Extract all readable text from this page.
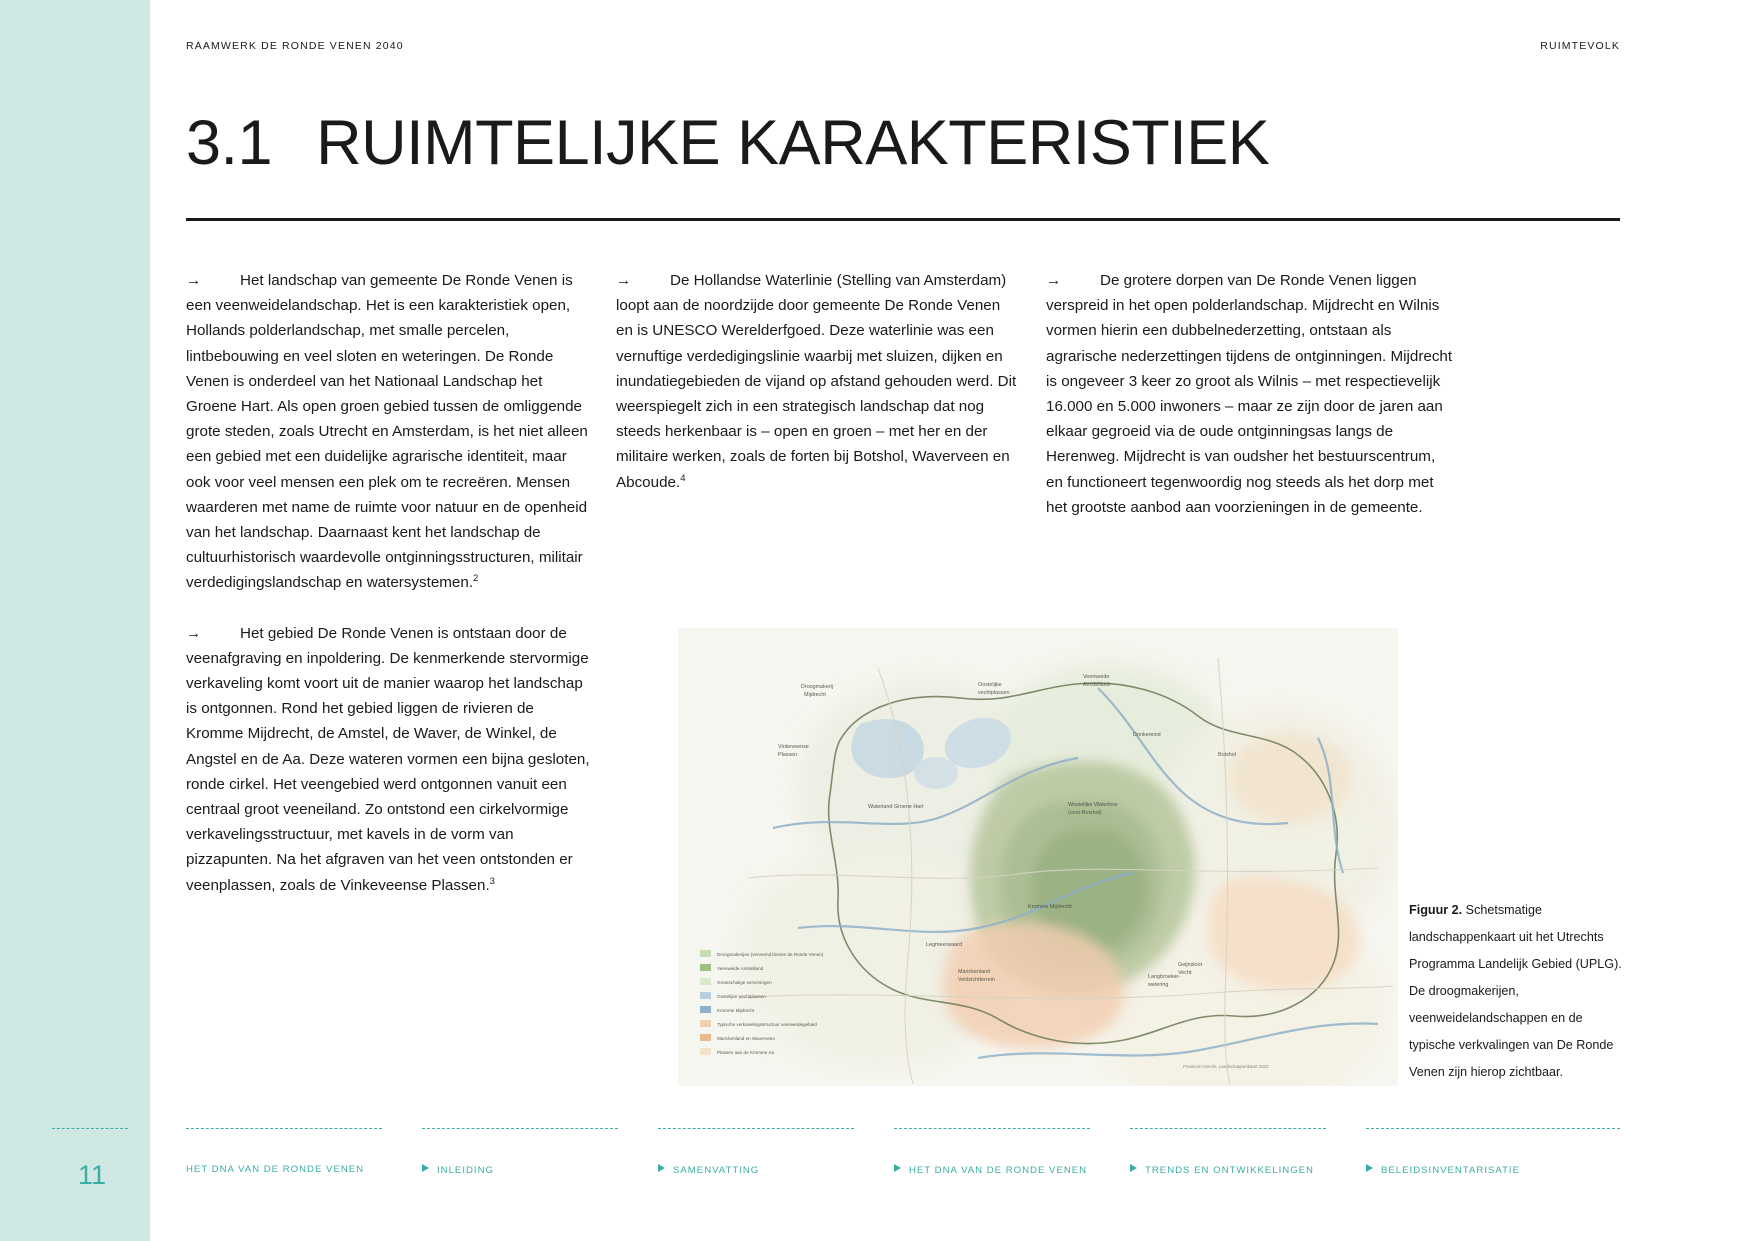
RAAMWERK DE RONDE VENEN 2040	RUIMTEVOLK
3.1 RUIMTELIJKE KARAKTERISTIEK
→	Het landschap van gemeente De Ronde Venen is een veenweidelandschap. Het is een karakteristiek open, Hollands polderlandschap, met smalle percelen, lintbebouwing en veel sloten en weteringen. De Ronde Venen is onderdeel van het Nationaal Landschap het Groene Hart. Als open groen gebied tussen de omliggende grote steden, zoals Utrecht en Amsterdam, is het niet alleen een gebied met een duidelijke agrarische identiteit, maar ook voor veel mensen een plek om te recreëren. Mensen waarderen met name de ruimte voor natuur en de openheid van het landschap. Daarnaast kent het landschap de cultuurhistorisch waardevolle ontginningsstructuren, militair verdedigingslandschap en watersystemen.$^2$
→	Het gebied De Ronde Venen is ontstaan door de veenafgraving en inpoldering. De kenmerkende stervormige verkaveling komt voort uit de manier waarop het landschap is ontgonnen. Rond het gebied liggen de rivieren de Kromme Mijdrecht, de Amstel, de Waver, de Winkel, de Angstel en de Aa. Deze wateren vormen een bijna gesloten, ronde cirkel. Het veengebied werd ontgonnen vanuit een centraal groot veeneiland. Zo ontstond een cirkelvormige verkavelingsstructuur, met kavels in de vorm van pizzapunten. Na het afgraven van het veen ontstonden er veenplassen, zoals de Vinkeveense Plassen.$^3$
→	De Hollandse Waterlinie (Stelling van Amsterdam) loopt aan de noordzijde door gemeente De Ronde Venen en is UNESCO Werelderfgoed. Deze waterlinie was een vernuftige verdedigingslinie waarbij met sluizen, dijken en inundatiegebieden de vijand op afstand gehouden werd. Dit weerspiegelt zich in een strategisch landschap dat nog steeds herkenbaar is – open en groen – met her en der militaire werken, zoals de forten bij Botshol, Waverveen en Abcoude.$^4$
→	De grotere dorpen van De Ronde Venen liggen verspreid in het open polderlandschap. Mijdrecht en Wilnis vormen hierin een dubbelnederzetting, ontstaan als agrarische nederzettingen tijdens de ontginningen. Mijdrecht is ongeveer 3 keer zo groot als Wilnis – met respectievelijk 16.000 en 5.000 inwoners – maar ze zijn door de jaren aan elkaar gegroeid via de oude ontginningsas langs de Herenweg. Mijdrecht is van oudsher het bestuurscentrum, en functioneert tegenwoordig nog steeds als het dorp met het grootste aanbod aan voorzieningen in de gemeente.
Droogmakerij
Mijdrecht
Oostelijke
vechtplassen
Veenweide
Amstelland
Vinkeveense
Plassen
Donkereind
Botshol
Waterland Groene Hart	Westelijke Waterlinie
(oost-Botshol)
Kromme Mijdrecht
Legmeerwaard
Marickenland
Veldzichtterrein
Geijnsloot
Vecht
Langbroeker-
wetering
Droogmakerijen (verveend binnen de Ronde Venen)
Veenweide Amstelland
Grootschalige verveningen
Oostelijke Vechtplassen
Kromme Mijdrecht
Typische verkavelingsstructuur veenweidegebied
Marickenland en Waverveen
Plassen aan de Kromme Aa
Provincie Utrecht, Landschappenkaart 2023
Figuur 2. Schetsmatige landschappenkaart uit het Utrechts Programma Landelijk Gebied (UPLG). De droogmakerijen, veenweidelandschappen en de typische verkvalingen van De Ronde Venen zijn hierop zichtbaar.
11	HET DNA VAN DE RONDE VENEN	INLEIDING	SAMENVATTING	HET DNA VAN DE RONDE VENEN	TRENDS EN ONTWIKKELINGEN	BELEIDSINVENTARISATIE
